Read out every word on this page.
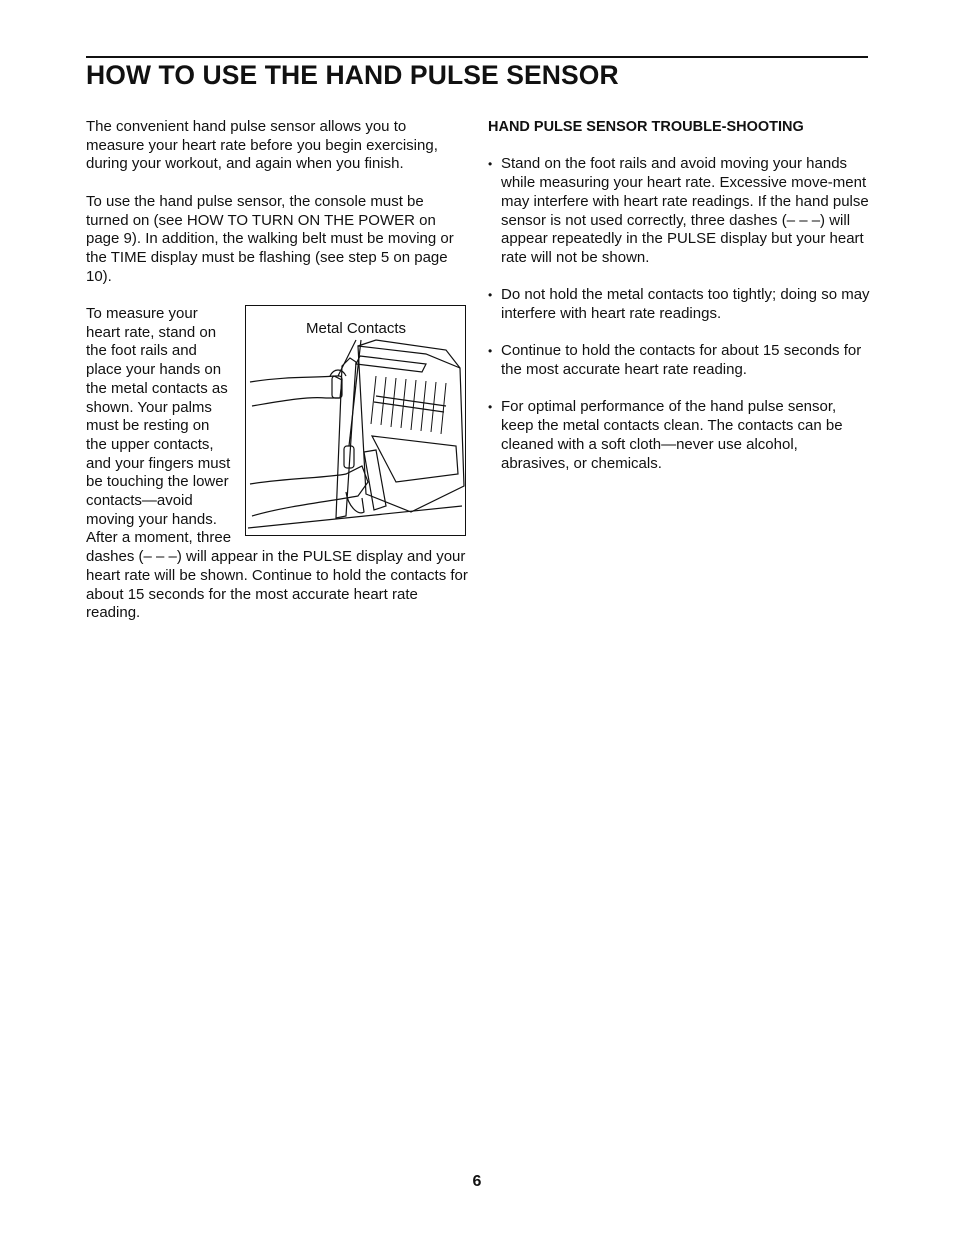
HOW TO USE THE HAND PULSE SENSOR

The convenient hand pulse sensor allows you to measure your heart rate before you begin exercising, during your workout, and again when you finish.

To use the hand pulse sensor, the console must be turned on (see HOW TO TURN ON THE POWER on page 9). In addition, the walking belt must be moving or the TIME display must be flashing (see step 5 on page 10).

Metal Contacts

To measure your heart rate, stand on the foot rails and place your hands on the metal contacts as shown. Your palms must be resting on the upper contacts, and your fingers must be touching the lower contacts—avoid moving your hands. After a moment, three dashes (– – –) will appear in the PULSE display and your heart rate will be shown. Continue to hold the contacts for about 15 seconds for the most accurate heart rate reading.

HAND PULSE SENSOR TROUBLE-SHOOTING

• Stand on the foot rails and avoid moving your hands while measuring your heart rate. Excessive move-ment may interfere with heart rate readings. If the hand pulse sensor is not used correctly, three dashes (– – –) will appear repeatedly in the PULSE display but your heart rate will not be shown.
• Do not hold the metal contacts too tightly; doing so may interfere with heart rate readings.
• Continue to hold the contacts for about 15 seconds for the most accurate heart rate reading.
• For optimal performance of the hand pulse sensor, keep the metal contacts clean. The contacts can be cleaned with a soft cloth—never use alcohol, abrasives, or chemicals.
6
